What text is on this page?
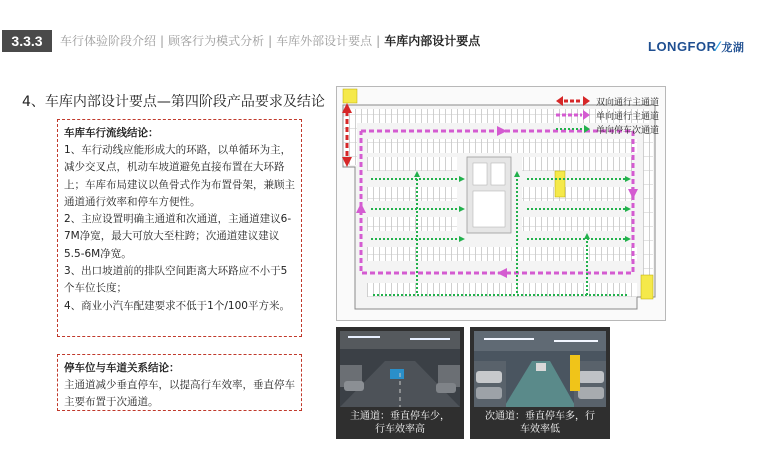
3.3.3	车行体验阶段介绍 | 顾客行为模式分析 | 车库外部设计要点 | 车库内部设计要点	LONGFOR⁄ 龙湖
4、车库内部设计要点—第四阶段产品要求及结论
车库车行流线结论：
1、车行动线应能形成大的环路，以单循环为主，减少交叉点，机动车坡道避免直接布置在大环路上；车库布局建议以鱼骨式作为布置骨架，兼顾主通道通行效率和停车方便性。
2、主应设置明确主通道和次通道，主通道建议6-7M净宽，最大可放大至柱跨；次通道建议建议5.5-6M净宽。
3、出口坡道前的排队空间距离大环路应不小于5个车位长度；
4、商业小汽车配建要求不低于1个/100平方米。
停车位与车道关系结论：
主通道减少垂直停车，以提高行车效率，垂直停车主要布置于次通道。
双向通行主通道
单向通行主通道
单向停车次通道
主通道：垂直停车少，
行车效率高
次通道：垂直停车多，行
车效率低
